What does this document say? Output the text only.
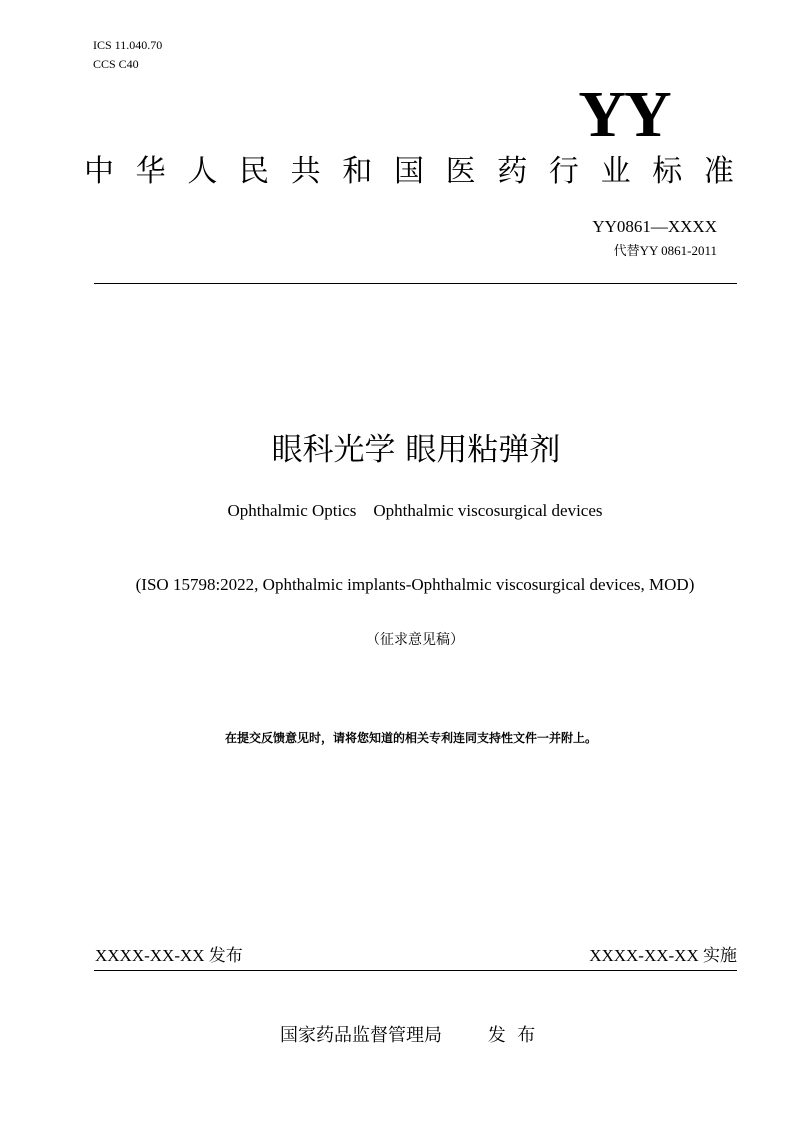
ICS 11.040.70
CCS C40
YY
中 华 人 民 共 和 国 医 药 行 业 标 准
YY0861—XXXX
代替YY 0861-2011
眼科光学 眼用粘弹剂
Ophthalmic Optics    Ophthalmic viscosurgical devices
(ISO 15798:2022, Ophthalmic implants-Ophthalmic viscosurgical devices, MOD)
（征求意见稿）
在提交反馈意见时，请将您知道的相关专利连同支持性文件一并附上。
XXXX-XX-XX 发布	XXXX-XX-XX 实施
国家药品监督管理局        发  布
